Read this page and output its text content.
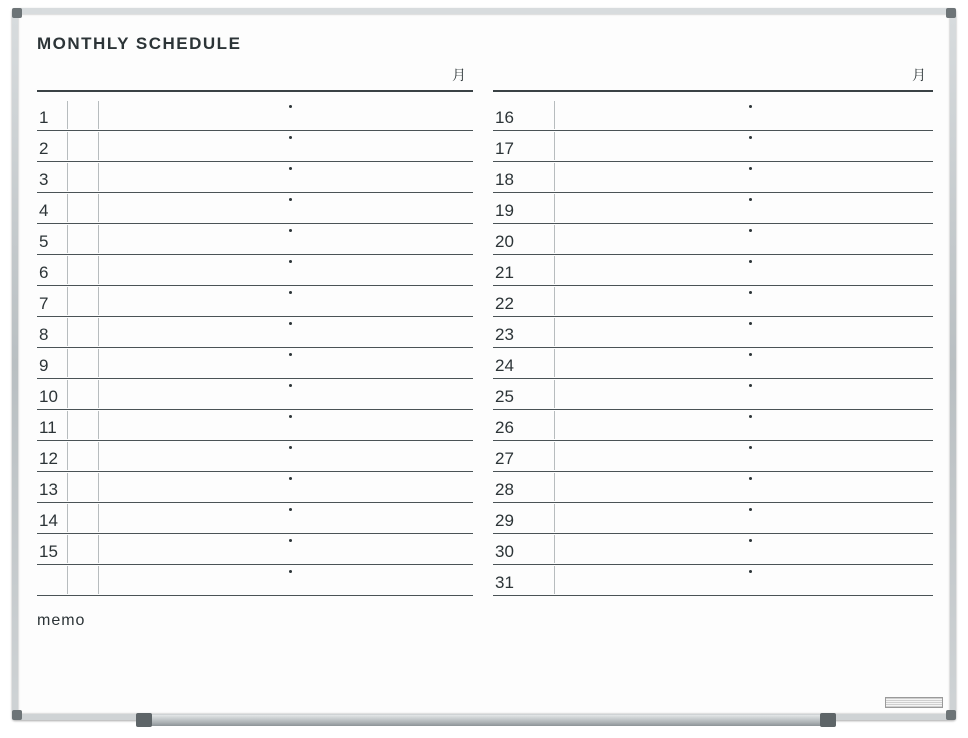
MONTHLY SCHEDULE
月	月
1
2
3
4
5
6
7
8
9
10
11
12
13
14
15
16
17
18
19
20
21
22
23
24
25
26
27
28
29
30
31
memo
